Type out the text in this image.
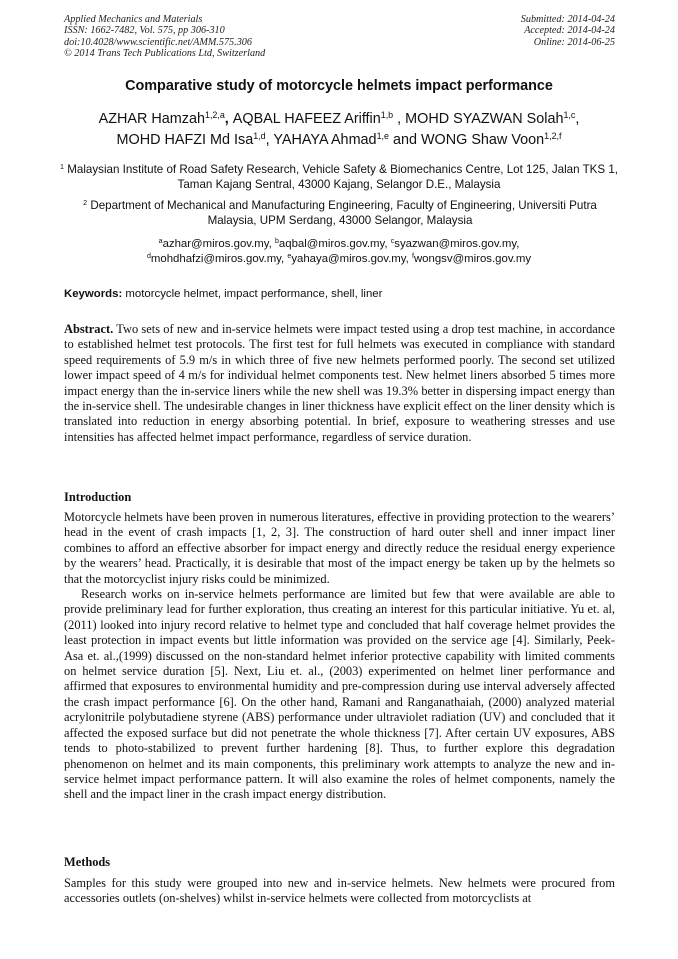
Applied Mechanics and Materials
ISSN: 1662-7482, Vol. 575, pp 306-310
doi:10.4028/www.scientific.net/AMM.575.306
© 2014 Trans Tech Publications Ltd, Switzerland
Submitted: 2014-04-24
Accepted: 2014-04-24
Online: 2014-06-25
Comparative study of motorcycle helmets impact performance
AZHAR Hamzah$^{1,2,a}$, AQBAL HAFEEZ Ariffin$^{1,b}$ , MOHD SYAZWAN Solah$^{1,c}$,
MOHD HAFZI Md Isa$^{1,d}$, YAHAYA Ahmad$^{1,e}$ and WONG Shaw Voon$^{1,2,f}$
$^1$ Malaysian Institute of Road Safety Research, Vehicle Safety & Biomechanics Centre, Lot 125, Jalan TKS 1, Taman Kajang Sentral, 43000 Kajang, Selangor D.E., Malaysia
$^2$ Department of Mechanical and Manufacturing Engineering, Faculty of Engineering, Universiti Putra Malaysia, UPM Serdang, 43000 Selangor, Malaysia
$^a$azhar@miros.gov.my, $^b$aqbal@miros.gov.my, $^c$syazwan@miros.gov.my,
$^d$mohdhafzi@miros.gov.my, $^e$yahaya@miros.gov.my, $^f$wongsv@miros.gov.my
Keywords: motorcycle helmet, impact performance, shell, liner
Abstract. Two sets of new and in-service helmets were impact tested using a drop test machine, in accordance to established helmet test protocols. The first test for full helmets was executed in compliance with standard speed requirements of 5.9 m/s in which three of five new helmets performed poorly. The second set utilized lower impact speed of 4 m/s for individual helmet components test. New helmet liners absorbed 5 times more impact energy than the in-service liners while the new shell was 19.3% better in dispersing impact energy than the in-service shell. The undesirable changes in liner thickness have explicit effect on the liner density which is translated into reduction in energy absorbing potential. In brief, exposure to weathering stresses and use intensities has affected helmet impact performance, regardless of service duration.
Introduction

Motorcycle helmets have been proven in numerous literatures, effective in providing protection to the wearers’ head in the event of crash impacts [1, 2, 3]. The construction of hard outer shell and inner impact liner combines to afford an effective absorber for impact energy and directly reduce the residual energy experience by the wearers’ head. Practically, it is desirable that most of the impact energy be taken up by the helmets so that the motorcyclist injury risks could be minimized.

Research works on in-service helmets performance are limited but few that were available are able to provide preliminary lead for further exploration, thus creating an interest for this particular initiative. Yu et. al, (2011) looked into injury record relative to helmet type and concluded that half coverage helmet provides the least protection in impact events but little information was provided on the service age [4]. Similarly, Peek-Asa et. al.,(1999) discussed on the non-standard helmet inferior protective capability with limited comments on helmet service duration [5]. Next, Liu et. al., (2003) experimented on helmet liner performance and affirmed that exposures to environmental humidity and pre-compression during use interval adversely affected the crash impact performance [6]. On the other hand, Ramani and Ranganathaiah, (2000) analyzed material acrylonitrile polybutadiene styrene (ABS) performance under ultraviolet radiation (UV) and concluded that it affected the exposed surface but did not penetrate the whole thickness [7]. After certain UV exposures, ABS tends to photo-stabilized to prevent further hardening [8]. Thus, to further explore this degradation phenomenon on helmet and its main components, this preliminary work attempts to analyze the new and in-service helmet impact performance pattern. It will also examine the roles of helmet components, namely the shell and the impact liner in the crash impact energy distribution.

Methods

Samples for this study were grouped into new and in-service helmets. New helmets were procured from accessories outlets (on-shelves) whilst in-service helmets were collected from motorcyclists at
